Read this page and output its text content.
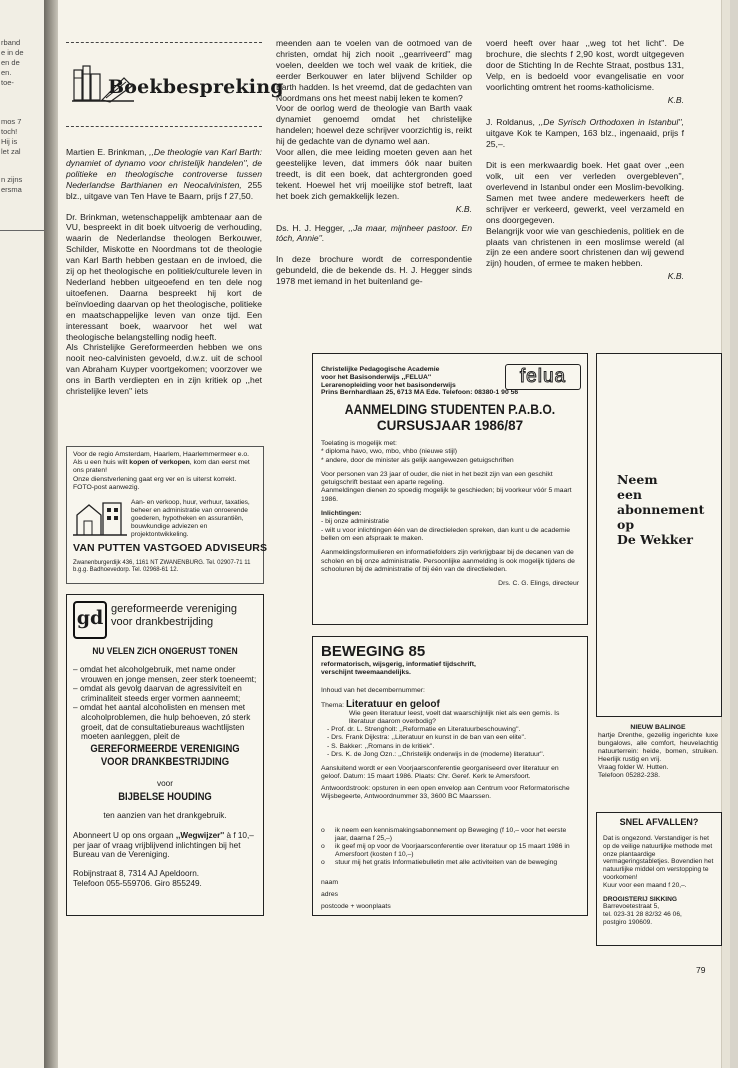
rband

e in de

en de

en.

toe-

mos 7

toch!

Hij is

let zal

n zijns

ersma

Boekbespreking

Martien E. Brinkman, ,,De theologie van Karl Barth: dynamiet of dynamo voor christelijk handelen'', de politieke en theologische controverse tussen Nederlandse Barthianen en Neocalvinisten, 255 blz., uitgave van Ten Have te Baarn, prijs f 27,50.

Dr. Brinkman, wetenschappelijk ambtenaar aan de VU, bespreekt in dit boek uitvoerig de verhouding, waarin de Nederlandse theologen Berkouwer, Schilder, Miskotte en Noordmans tot de theologie van Karl Barth hebben gestaan en de invloed, die zij op het theologische en politiek/culturele leven in Nederland hebben uitgeoefend en ten dele nog uitoefenen. Daarna bespreekt hij kort de beïnvloeding daarvan op het theologische, politieke en maatschappelijke leven van onze tijd. Een interessant boek, waarvoor het wel wat theologische belangstelling nodig heeft.

Als Christelijke Gereformeerden hebben we ons nooit neo-calvinisten gevoeld, d.w.z. uit de school van Abraham Kuyper voortgekomen; voorzover we ons in Barth verdiepten en in zijn kritiek op ,,het christelijke leven'' iets

meenden aan te voelen van de ootmoed van de christen, omdat hij zich nooit ,,gearriveerd'' mag voelen, deelden we toch wel vaak de kritiek, die eerder Berkouwer en later blijvend Schilder op Barth hadden. Is het vreemd, dat de gedachten van Noordmans ons het meest nabij leken te komen?

Voor de oorlog werd de theologie van Barth vaak dynamiet genoemd omdat het christelijke handelen; hoewel deze schrijver voorzichtig is, reikt hij de gedachte van de dynamo wel aan.

Voor allen, die mee leiding moeten geven aan het geestelijke leven, dat immers óók naar buiten treedt, is dit een boek, dat achtergronden goed tekent. Hoewel het vrij moeilijke stof betreft, laat het boek zich gemakkelijk lezen.

K.B.

Ds. H. J. Hegger, ,,Ja maar, mijnheer pastoor. En tóch, Annie''.

In deze brochure wordt de correspondentie gebundeld, die de bekende ds. H. J. Hegger sinds 1978 met iemand in het buitenland ge-

voerd heeft over haar ,,weg tot het licht''. De brochure, die slechts f 2,90 kost, wordt uitgegeven door de Stichting In de Rechte Straat, postbus 131, Velp, en is bedoeld voor evangelisatie en voor voorlichting omtrent het rooms-katholicisme.

K.B.

J. Roldanus, ,,De Syrisch Orthodoxen in Istanbul'', uitgave Kok te Kampen, 163 blz., ingenaaid, prijs f 25,–.

Dit is een merkwaardig boek. Het gaat over ,,een volk, uit een ver verleden overgebleven'', overlevend in Istanbul onder een Moslim-bevolking. Samen met twee andere medewerkers heeft de schrijver er verkeerd, gewerkt, veel verzameld en ons doorgegeven.

Belangrijk voor wie van geschiedenis, politiek en de plaats van christenen in een moslimse wereld (al zijn ze een andere soort christenen dan wij gewend zijn) houden, of ermee te maken hebben.

K.B.

Voor de regio Amsterdam, Haarlem, Haarlemmermeer e.o.
Als u een huis wilt kopen of verkopen, kom dan eerst met ons praten!
Onze dienstverlening gaat erg ver en is uiterst korrekt. FOTO-post aanwezig.
Aan- en verkoop, huur, verhuur, taxaties, beheer en administratie van onroerende goederen, hypotheken en assurantiën, bouwkundige adviezen en projektontwikkeling.
VAN PUTTEN VASTGOED ADVISEURS
Zwanenburgerdijk 436, 1161 NT ZWANENBURG. Tel. 02907-71 11
b.g.g. Badhoevedorp. Tel. 02968-61 12.
gd gereformeerde vereniging
voor drankbestrijding
NU VELEN ZICH ONGERUST TONEN
– omdat het alcoholgebruik, met name onder vrouwen en jonge mensen, zeer sterk toeneemt;
– omdat als gevolg daarvan de agressiviteit en criminaliteit steeds erger vormen aanneemt;
– omdat het aantal alcoholisten en mensen met alcoholproblemen, die hulp behoeven, zó sterk groeit, dat de consultatiebureaus wachtlijsten moeten aanleggen, pleit de
GEREFORMEERDE VERENIGING
VOOR DRANKBESTRIJDING
voor
BIJBELSE HOUDING
ten aanzien van het drankgebruik.
Abonneert U op ons orgaan ,,Wegwijzer'' à f 10,– per jaar of vraag vrijblijvend inlichtingen bij het Bureau van de Vereniging.
Robijnstraat 8, 7314 AJ Apeldoorn.
Telefoon 055-559706. Giro 855249.
Christelijke Pedagogische Academie
voor het Basisonderwijs ,,FELUA''
Lerarenopleiding voor het basisonderwijs
Prins Bernhardlaan 25, 6713 MA Ede. Telefoon: 08380-1 90 56
felua
AANMELDING STUDENTEN P.A.B.O.
CURSUSJAAR 1986/87
Toelating is mogelijk met:
* diploma havo, vwo, mbo, vhbo (nieuwe stijl)
* andere, door de minister als gelijk aangewezen getuigschriften
Voor personen van 23 jaar of ouder, die niet in het bezit zijn van een geschikt getuigschrift bestaat een aparte regeling.
Aanmeldingen dienen zo spoedig mogelijk te geschieden; bij voorkeur vóór 5 maart 1986.
Inlichtingen:
- bij onze administratie
- wilt u voor inlichtingen één van de directieleden spreken, dan kunt u de academie bellen om een afspraak te maken.
Aanmeldingsformulieren en informatiefolders zijn verkrijgbaar bij de decanen van de scholen en bij onze administratie. Persoonlijke aanmelding is ook mogelijk tijdens de schooluren bij de administratie of bij één van de directieleden.
Drs. C. G. Elings, directeur
BEWEGING 85
reformatorisch, wijsgerig, informatief tijdschrift,
verschijnt tweemaandelijks.
Inhoud van het decembernummer:
Thema: Literatuur en geloof
Wie geen literatuur leest, voelt dat waarschijnlijk niet als een gemis. Is literatuur daarom overbodig?
- Prof. dr. L. Strengholt: ,,Reformatie en Literatuurbeschouwing''.
- Drs. Frank Dijkstra: ,,Literatuur en kunst in de ban van een elite''.
- S. Bakker: ,,Romans in de kritiek''.
- Drs. K. de Jong Ozn.: ,,Christelijk onderwijs in de (moderne) literatuur''.
Aansluitend wordt er een Voorjaarsconferentie georganiseerd over literatuur en geloof. Datum: 15 maart 1986. Plaats: Chr. Geref. Kerk te Amersfoort.
Antwoordstrook: opsturen in een open envelop aan Centrum voor Reformatorische Wijsbegeerte, Antwoordnummer 33, 3600 BC Maarssen.
o ik neem een kennismakingsabonnement op Beweging (f 10,– voor het eerste jaar, daarna f 25,–)
o ik geef mij op voor de Voorjaarsconferentie over literatuur op 15 maart 1986 in Amersfoort (kosten f 10,–)
o stuur mij het gratis Informatiebulletin met alle activiteiten van de beweging
naam
adres
postcode + woonplaats
Neem
een
abonnement
op
De Wekker
NIEUW BALINGE
hartje Drenthe, gezellig ingerichte luxe bungalows, alle comfort, heuvelachtig natuurterrein: heide, bomen, struiken. Heerlijk rustig en vrij.
Vraag folder W. Hutten.
Telefoon 05282-238.
SNEL AFVALLEN?
Dat is ongezond. Verstandiger is het op de veilige natuurlijke methode met onze plantaardige vermageringstabletjes. Bovendien het natuurlijke middel om verstopping te voorkomen!
Kuur voor een maand f 20,–.
DROGISTERIJ SIKKING
Barrevoetestraat 5,
tel. 023-31 28 82/32 46 06,
postgiro 190609.
79
